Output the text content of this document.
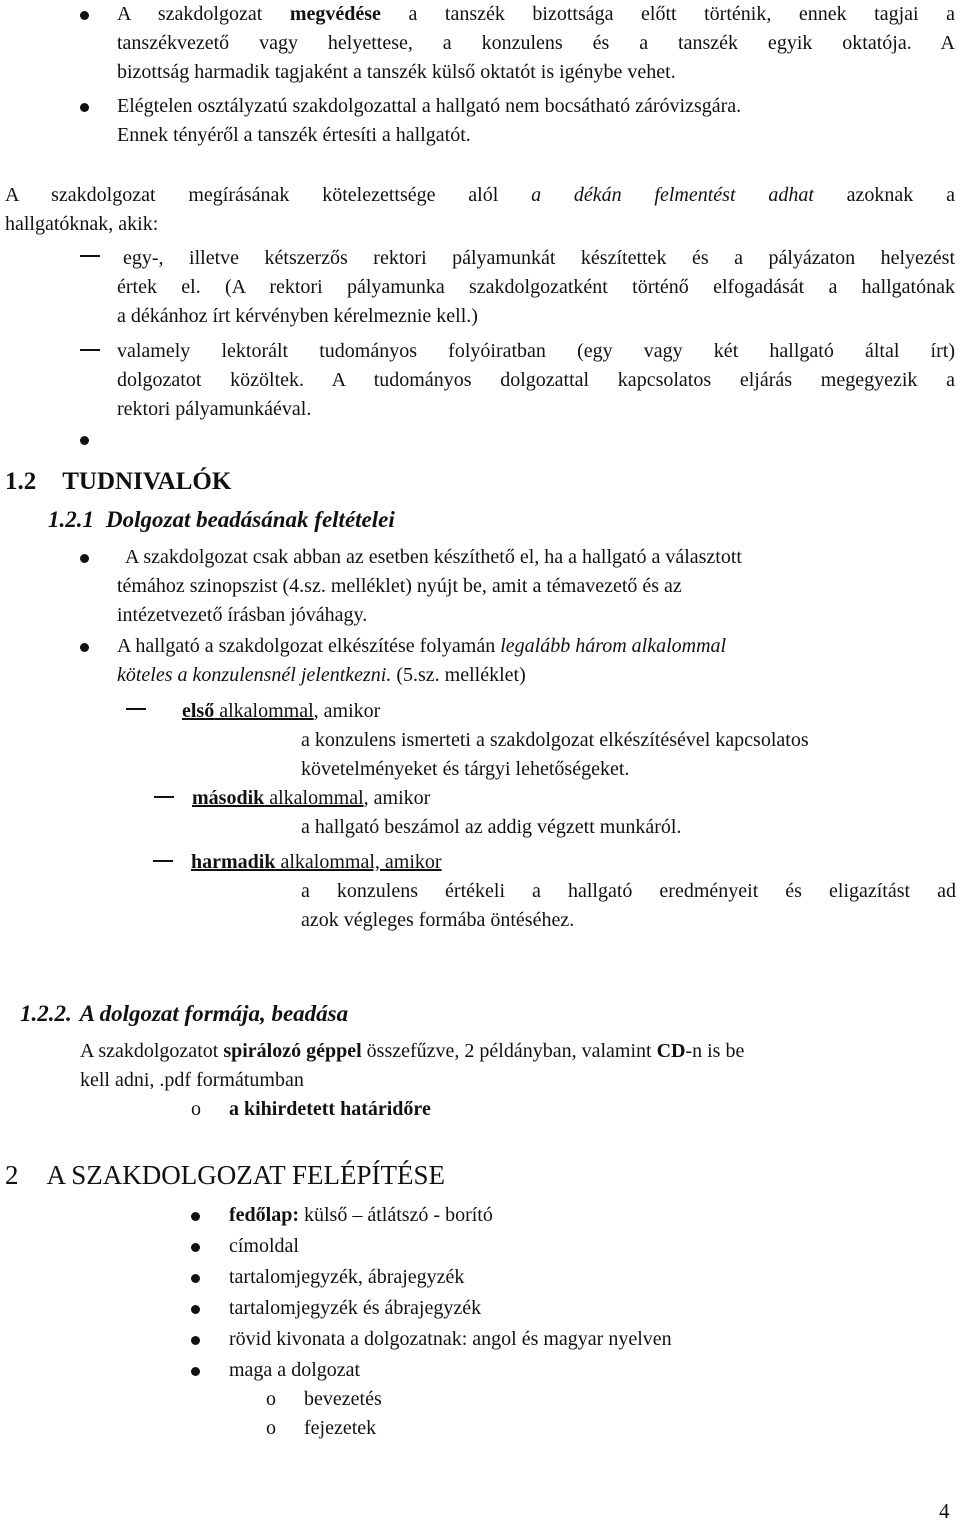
A szakdolgozat megvédése a tanszék bizottsága előtt történik, ennek tagjai a
tanszékvezető vagy helyettese, a konzulens és a tanszék egyik oktatója. A
bizottság harmadik tagjaként a tanszék külső oktatót is igénybe vehet.
Elégtelen osztályzatú szakdolgozattal a hallgató nem bocsátható záróvizsgára.
Ennek tényéről a tanszék értesíti a hallgatót.
A szakdolgozat megírásának kötelezettsége alól a dékán felmentést adhat azoknak a
hallgatóknak, akik:
egy-, illetve kétszerzős rektori pályamunkát készítettek és a pályázaton helyezést
értek el. (A rektori pályamunka szakdolgozatként történő elfogadását a hallgatónak
a dékánhoz írt kérvényben kérelmeznie kell.)
valamely lektorált tudományos folyóiratban (egy vagy két hallgató által írt)
dolgozatot közöltek. A tudományos dolgozattal kapcsolatos eljárás megegyezik a
rektori pályamunkáéval.
1.2 TUDNIVALÓK
1.2.1 Dolgozat beadásának feltételei
A szakdolgozat csak abban az esetben készíthető el, ha a hallgató a választott
témához szinopszist (4.sz. melléklet) nyújt be, amit a témavezető és az
intézetvezető írásban jóváhagy.
A hallgató a szakdolgozat elkészítése folyamán legalább három alkalommal
köteles a konzulensnél jelentkezni. (5.sz. melléklet)
első alkalommal, amikor
a konzulens ismerteti a szakdolgozat elkészítésével kapcsolatos
követelményeket és tárgyi lehetőségeket.
második alkalommal, amikor
a hallgató beszámol az addig végzett munkáról.
harmadik alkalommal, amikor
a konzulens értékeli a hallgató eredményeit és eligazítást ad
azok végleges formába öntéséhez.
1.2.2. A dolgozat formája, beadása
A szakdolgozatot spirálozó géppel összefűzve, 2 példányban, valamint CD-n is be
kell adni, .pdf formátumban
o a kihirdetett határidőre
2 A SZAKDOLGOZAT FELÉPÍTÉSE
fedőlap: külső – átlátszó - borító
címoldal
tartalomjegyzék, ábrajegyzék
tartalomjegyzék és ábrajegyzék
rövid kivonata a dolgozatnak: angol és magyar nyelven
maga a dolgozat
o bevezetés
o fejezetek
4
